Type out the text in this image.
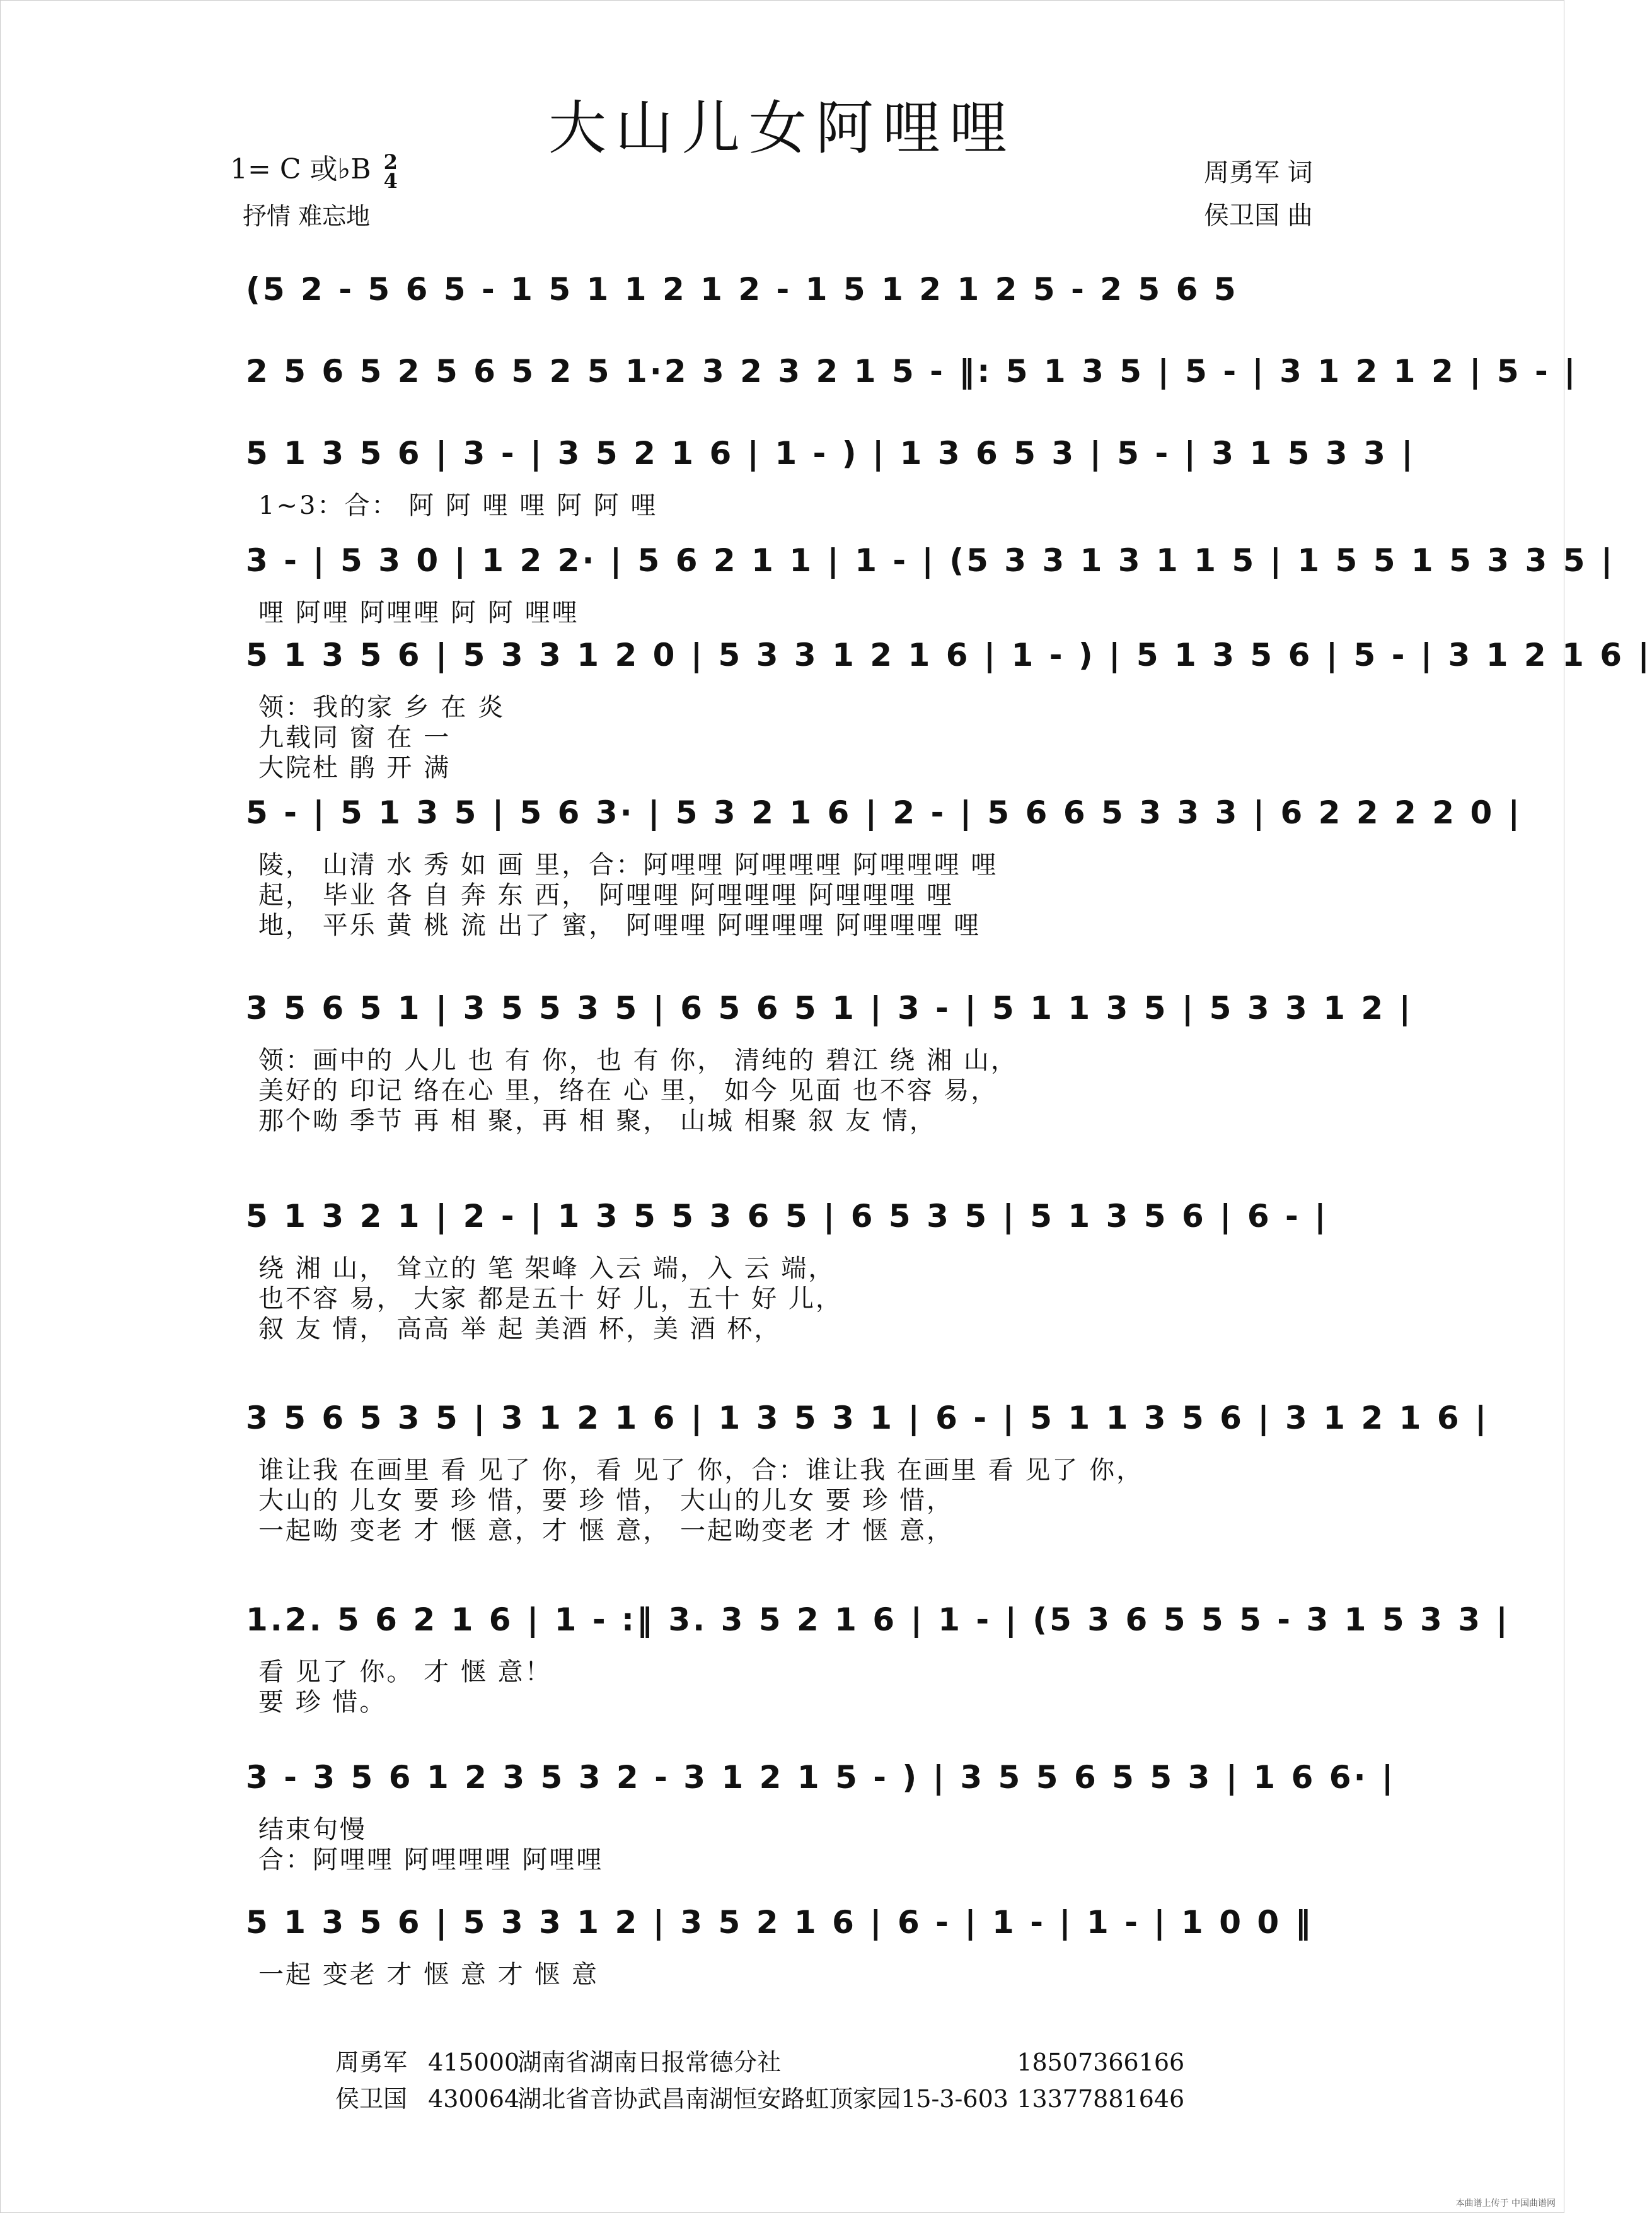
大山儿女阿哩哩
1= C 或♭B 2
4
抒情 难忘地
周勇军 词
侯卫国 曲
(5 2 - 5 6 5 - 1 5 1 1 2 1 2 - 1 5 1 2 1 2 5 - 2 5 6 5
2 5 6 5 2 5 6 5 2 5 1·2 3 2 3 2 1 5 - ‖: 5 1 3 5 | 5 - | 3 1 2 1 2 | 5 - |
5 1 3 5 6 | 3 - | 3 5 2 1 6 | 1 - ) | 1 3 6 5 3 | 5 - | 3 1 5 3 3 |
1~3：合： 阿 阿 哩 哩 阿 阿 哩
3 - | 5 3 0 | 1 2 2· | 5 6 2 1 1 | 1 - | (5 3 3 1 3 1 1 5 | 1 5 5 1 5 3 3 5 |
哩 阿哩 阿哩哩 阿 阿 哩哩
5 1 3 5 6 | 5 3 3 1 2 0 | 5 3 3 1 2 1 6 | 1 - ) | 5 1 3 5 6 | 5 - | 3 1 2 1 6 |
领：我的家 乡 在 炎
九载同 窗 在 一
大院杜 鹃 开 满
5 - | 5 1 3 5 | 5 6 3· | 5 3 2 1 6 | 2 - | 5 6 6 5 3 3 3 | 6 2 2 2 2 0 |
陵， 山清 水 秀 如 画 里，合：阿哩哩 阿哩哩哩 阿哩哩哩 哩
起， 毕业 各 自 奔 东 西， 阿哩哩 阿哩哩哩 阿哩哩哩 哩
地， 平乐 黄 桃 流 出了 蜜， 阿哩哩 阿哩哩哩 阿哩哩哩 哩
3 5 6 5 1 | 3 5 5 3 5 | 6 5 6 5 1 | 3 - | 5 1 1 3 5 | 5 3 3 1 2 |
领：画中的 人儿 也 有 你，也 有 你， 清纯的 碧江 绕 湘 山，
美好的 印记 络在心 里，络在 心 里， 如今 见面 也不容 易，
那个呦 季节 再 相 聚，再 相 聚， 山城 相聚 叙 友 情，
5 1 3 2 1 | 2 - | 1 3 5 5 3 6 5 | 6 5 3 5 | 5 1 3 5 6 | 6 - |
绕 湘 山， 耸立的 笔 架峰 入云 端，入 云 端，
也不容 易， 大家 都是五十 好 儿，五十 好 儿，
叙 友 情， 高高 举 起 美酒 杯，美 酒 杯，
3 5 6 5 3 5 | 3 1 2 1 6 | 1 3 5 3 1 | 6 - | 5 1 1 3 5 6 | 3 1 2 1 6 |
谁让我 在画里 看 见了 你，看 见了 你，合：谁让我 在画里 看 见了 你，
大山的 儿女 要 珍 惜，要 珍 惜， 大山的儿女 要 珍 惜，
一起呦 变老 才 惬 意，才 惬 意， 一起呦变老 才 惬 意，
1.2. 5 6 2 1 6 | 1 - :‖ 3. 3 5 2 1 6 | 1 - | (5 3 6 5 5 5 - 3 1 5 3 3 |
看 见了 你。 才 惬 意！
要 珍 惜。
3 - 3 5 6 1 2 3 5 3 2 - 3 1 2 1 5 - ) | 3 5 5 6 5 5 3 | 1 6 6· |
结束句慢
合：阿哩哩 阿哩哩哩 阿哩哩
5 1 3 5 6 | 5 3 3 1 2 | 3 5 2 1 6 | 6 - | 1 - | 1 - | 1 0 0 ‖
一起 变老 才 惬 意 才 惬 意
周勇军 415000 湖南省湖南日报常德分社	18507366166
侯卫国 430064 湖北省音协武昌南湖恒安路虹顶家园15-3-603 13377881646
本曲谱上传于 中国曲谱网
